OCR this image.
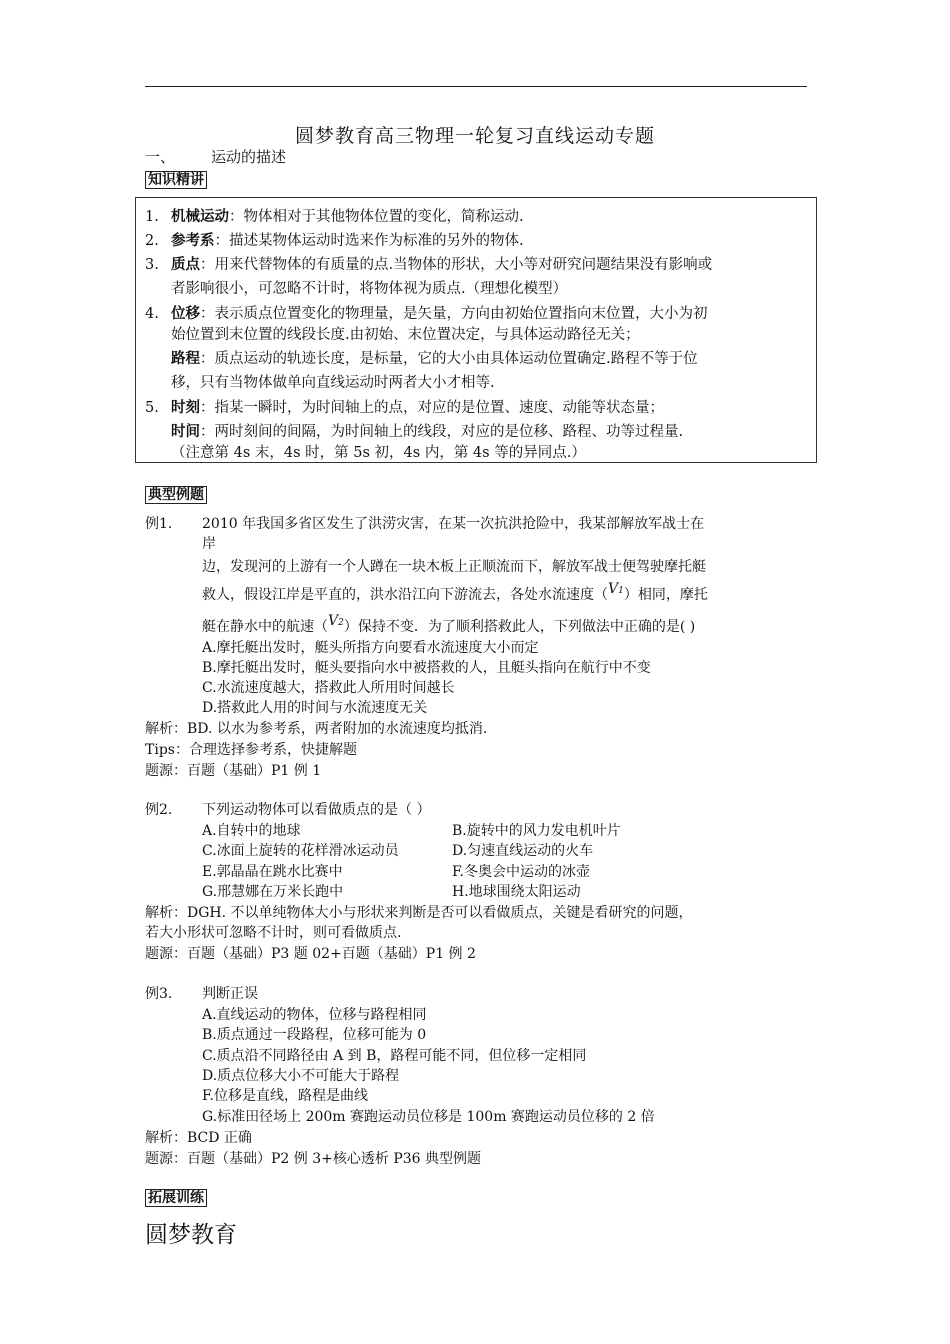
圆梦教育高三物理一轮复习直线运动专题
一、 运动的描述
知识精讲
1. 机械运动：物体相对于其他物体位置的变化，简称运动.
2. 参考系：描述某物体运动时选来作为标准的另外的物体.
3. 质点：用来代替物体的有质量的点.当物体的形状，大小等对研究问题结果没有影响或
者影响很小，可忽略不计时，将物体视为质点.（理想化模型）
4. 位移：表示质点位置变化的物理量，是矢量，方向由初始位置指向末位置，大小为初
始位置到末位置的线段长度.由初始、末位置决定，与具体运动路径无关；
路程：质点运动的轨迹长度，是标量，它的大小由具体运动位置确定.路程不等于位
移，只有当物体做单向直线运动时两者大小才相等.
5. 时刻：指某一瞬时，为时间轴上的点，对应的是位置、速度、动能等状态量；
时间：两时刻间的间隔，为时间轴上的线段，对应的是位移、路程、功等过程量.
（注意第 4s 末，4s 时，第 5s 初，4s 内，第 4s 等的异同点.）
典型例题
例1. 2010 年我国多省区发生了洪涝灾害，在某一次抗洪抢险中，我某部解放军战士在
岸
边，发现河的上游有一个人蹲在一块木板上正顺流而下，解放军战士便驾驶摩托艇
救人，假设江岸是平直的，洪水沿江向下游流去，各处水流速度（V1）相同，摩托
艇在静水中的航速（V2）保持不变．为了顺利搭救此人，下列做法中正确的是( )
A.摩托艇出发时，艇头所指方向要看水流速度大小而定
B.摩托艇出发时，艇头要指向水中被搭救的人，且艇头指向在航行中不变
C.水流速度越大，搭救此人所用时间越长
D.搭救此人用的时间与水流速度无关
解析：BD. 以水为参考系，两者附加的水流速度均抵消.
Tips：合理选择参考系，快捷解题
题源：百题（基础）P1 例 1
例2. 下列运动物体可以看做质点的是（ ）
A.自转中的地球	B.旋转中的风力发电机叶片
C.冰面上旋转的花样滑冰运动员	D.匀速直线运动的火车
E.郭晶晶在跳水比赛中	F.冬奥会中运动的冰壶
G.邢慧娜在万米长跑中	H.地球围绕太阳运动
解析：DGH. 不以单纯物体大小与形状来判断是否可以看做质点，关键是看研究的问题，
若大小形状可忽略不计时，则可看做质点.
题源：百题（基础）P3 题 02+百题（基础）P1 例 2
例3. 判断正误
A.直线运动的物体，位移与路程相同
B.质点通过一段路程，位移可能为 0
C.质点沿不同路径由 A 到 B，路程可能不同，但位移一定相同
D.质点位移大小不可能大于路程
F.位移是直线，路程是曲线
G.标准田径场上 200m 赛跑运动员位移是 100m 赛跑运动员位移的 2 倍
解析：BCD 正确
题源：百题（基础）P2 例 3+核心透析 P36 典型例题
拓展训练
圆梦教育
